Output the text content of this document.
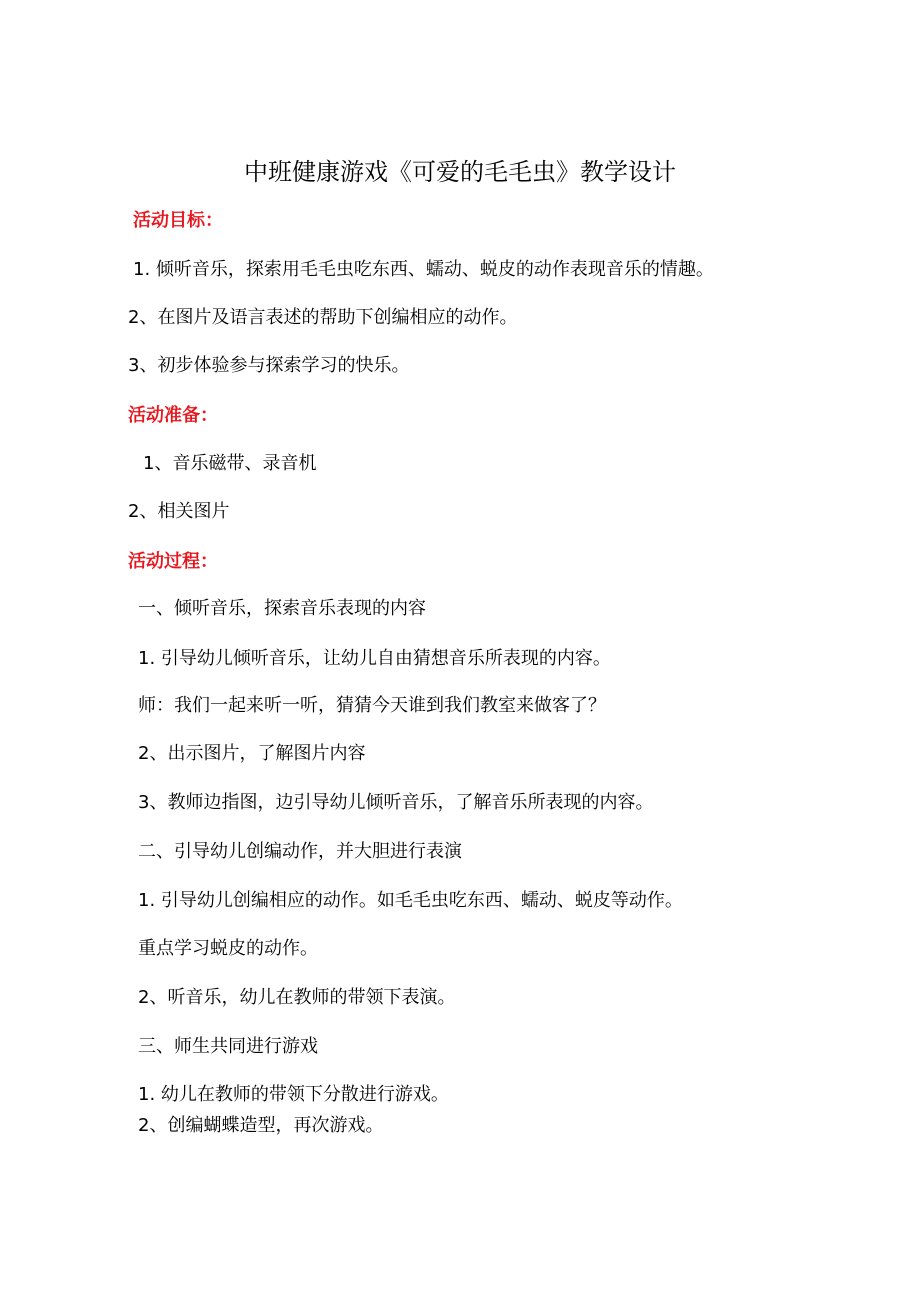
中班健康游戏《可爱的毛毛虫》教学设计
活动目标：
1. 倾听音乐，探索用毛毛虫吃东西、蠕动、蜕皮的动作表现音乐的情趣。
2、在图片及语言表述的帮助下创编相应的动作。
3、初步体验参与探索学习的快乐。
活动准备：
1、音乐磁带、录音机
2、相关图片
活动过程：
一、倾听音乐，探索音乐表现的内容
1. 引导幼儿倾听音乐，让幼儿自由猜想音乐所表现的内容。
师：我们一起来听一听，猜猜今天谁到我们教室来做客了？
2、出示图片，了解图片内容
3、教师边指图，边引导幼儿倾听音乐，了解音乐所表现的内容。
二、引导幼儿创编动作，并大胆进行表演
1. 引导幼儿创编相应的动作。如毛毛虫吃东西、蠕动、蜕皮等动作。
重点学习蜕皮的动作。
2、听音乐，幼儿在教师的带领下表演。
三、师生共同进行游戏
1. 幼儿在教师的带领下分散进行游戏。
2、创编蝴蝶造型，再次游戏。
